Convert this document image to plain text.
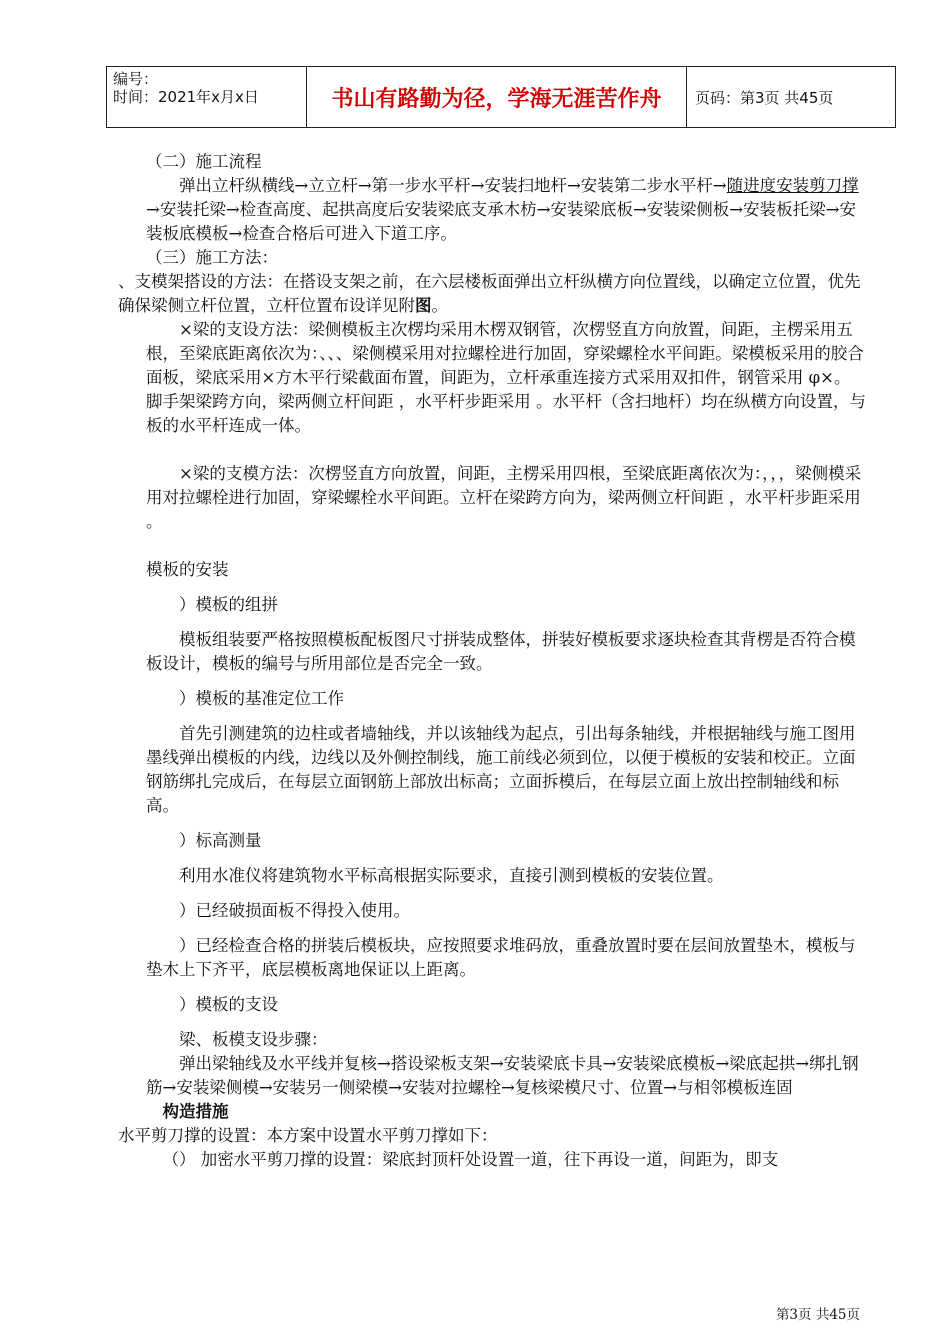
编号：
时间：2021年x月x日	书山有路勤为径，学海无涯苦作舟	页码：第3页 共45页

（二）施工流程

弹出立杆纵横线→立立杆→第一步水平杆→安装扫地杆→安装第二步水平杆→随进度安装剪刀撑→安装托梁→检查高度、起拱高度后安装梁底支承木枋→安装梁底板→安装梁侧板→安装板托梁→安装板底模板→检查合格后可进入下道工序。

（三）施工方法：

、支模架搭设的方法：在搭设支架之前，在六层楼板面弹出立杆纵横方向位置线，以确定立位置，优先确保梁侧立杆位置，立杆位置布设详见附图。

×梁的支设方法：梁侧模板主次楞均采用木楞双钢管，次楞竖直方向放置，间距，主楞采用五根，至梁底距离依次为：、、、梁侧模采用对拉螺栓进行加固，穿梁螺栓水平间距。梁模板采用的胶合面板，梁底采用×方木平行梁截面布置，间距为，立杆承重连接方式采用双扣件，钢管采用 φ×。脚手架梁跨方向，梁两侧立杆间距 ，水平杆步距采用 。水平杆（含扫地杆）均在纵横方向设置，与板的水平杆连成一体。

×梁的支模方法：次楞竖直方向放置，间距，主楞采用四根，至梁底距离依次为：，，，梁侧模采用对拉螺栓进行加固，穿梁螺栓水平间距。立杆在梁跨方向为，梁两侧立杆间距 ，水平杆步距采用 。

模板的安装

）模板的组拼

模板组装要严格按照模板配板图尺寸拼装成整体，拼装好模板要求逐块检查其背楞是否符合模板设计，模板的编号与所用部位是否完全一致。

）模板的基准定位工作

首先引测建筑的边柱或者墙轴线，并以该轴线为起点，引出每条轴线，并根据轴线与施工图用墨线弹出模板的内线，边线以及外侧控制线，施工前线必须到位，以便于模板的安装和校正。立面钢筋绑扎完成后，在每层立面钢筋上部放出标高；立面拆模后，在每层立面上放出控制轴线和标高。

）标高测量

利用水准仪将建筑物水平标高根据实际要求，直接引测到模板的安装位置。

）已经破损面板不得投入使用。

）已经检查合格的拼装后模板块，应按照要求堆码放，重叠放置时要在层间放置垫木，模板与垫木上下齐平，底层模板离地保证以上距离。

）模板的支设

梁、板模支设步骤：

弹出梁轴线及水平线并复核→搭设梁板支架→安装梁底卡具→安装梁底模板→梁底起拱→绑扎钢筋→安装梁侧模→安装另一侧梁模→安装对拉螺栓→复核梁模尺寸、位置→与相邻模板连固

构造措施

水平剪刀撑的设置：本方案中设置水平剪刀撑如下：

（） 加密水平剪刀撑的设置：梁底封顶杆处设置一道，往下再设一道，间距为，即支

第3页 共45页
